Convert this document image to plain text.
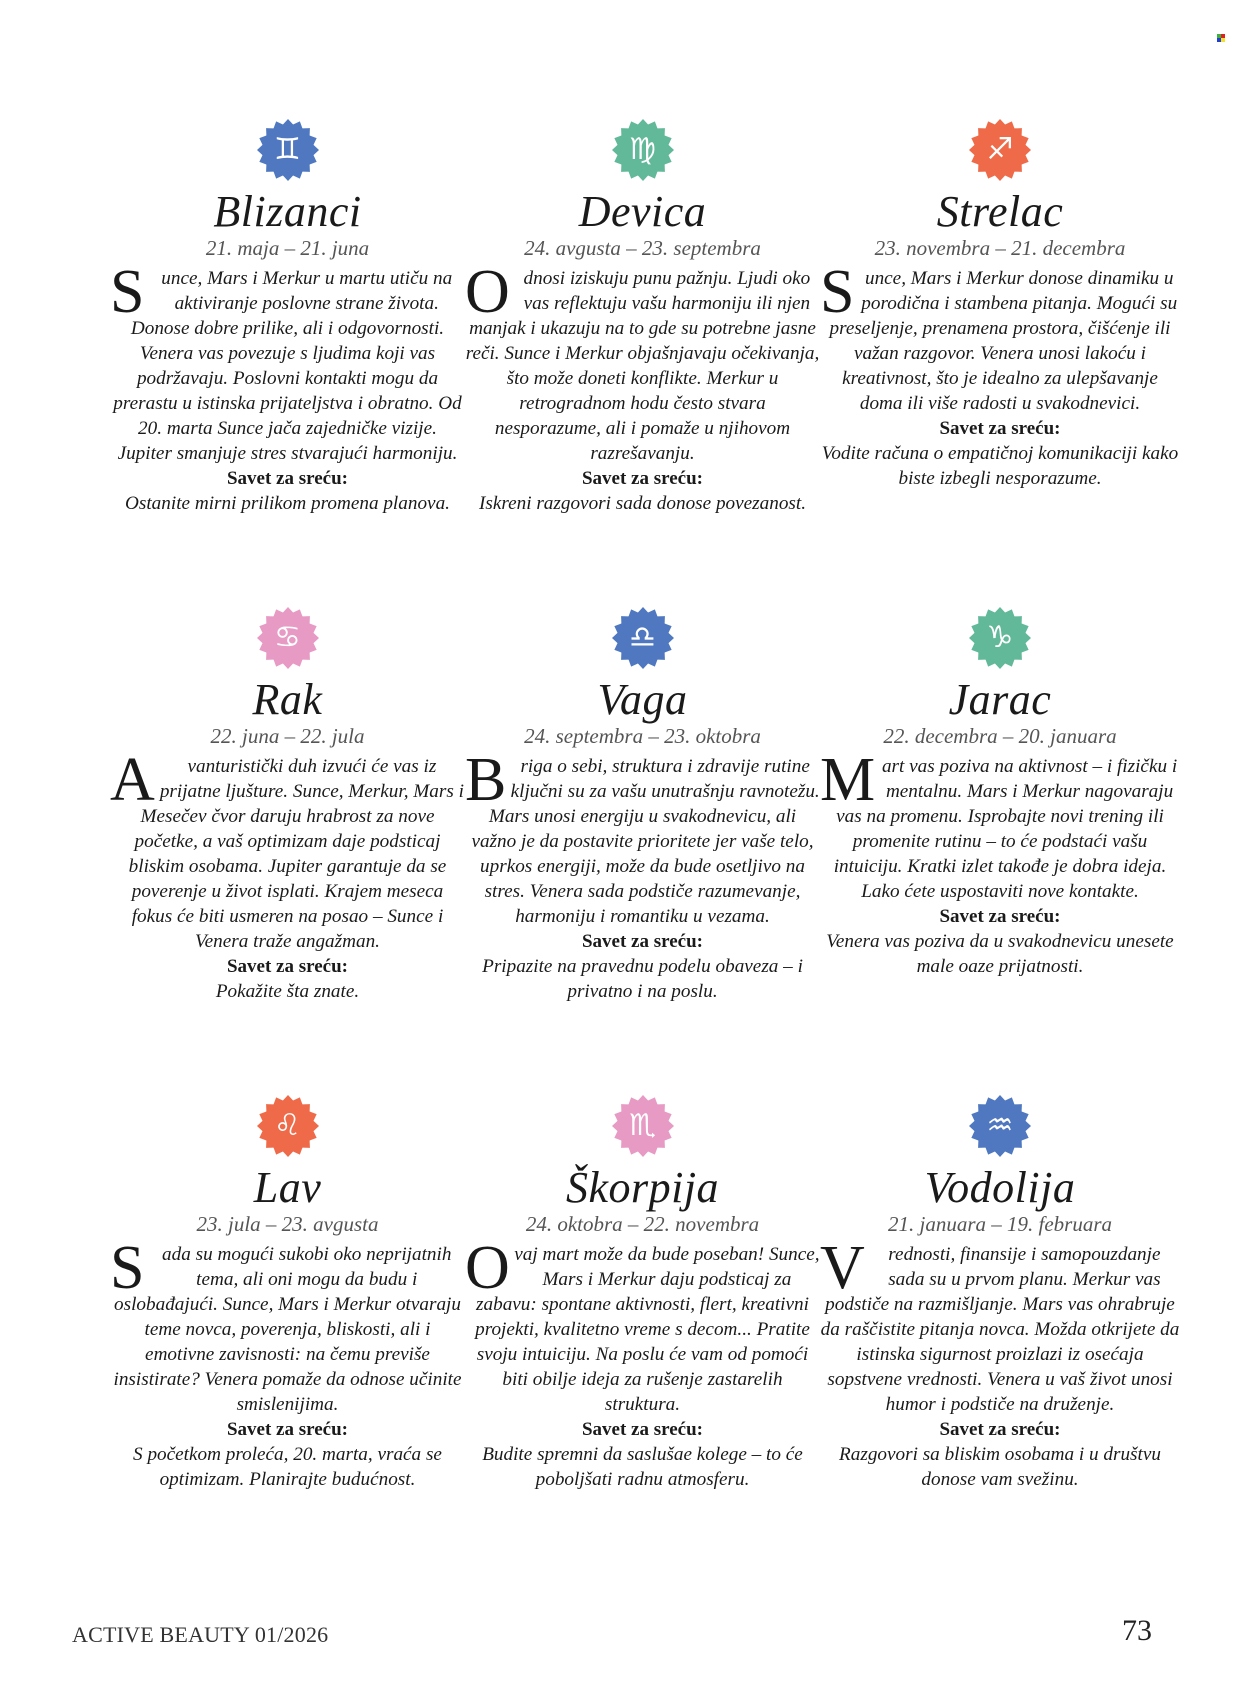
Blizanci
21. maja – 21. juna
Sunce, Mars i Merkur u martu utiču na aktiviranje poslovne strane života. Donose dobre prilike, ali i odgovornosti. Venera vas povezuje s ljudima koji vas podržavaju. Poslovni kontakti mogu da prerastu u istinska prijateljstva i obratno. Od 20. marta Sunce jača zajedničke vizije. Jupiter smanjuje stres stvarajući harmoniju.
Savet za sreću:
Ostanite mirni prilikom promena planova.
Devica
24. avgusta – 23. septembra
Odnosi iziskuju punu pažnju. Ljudi oko vas reflektuju vašu harmoniju ili njen manjak i ukazuju na to gde su potrebne jasne reči. Sunce i Merkur objašnjavaju očekivanja, što može doneti konflikte. Merkur u retrogradnom hodu često stvara nesporazume, ali i pomaže u njihovom razrešavanju.
Savet za sreću:
Iskreni razgovori sada donose povezanost.
Strelac
23. novembra – 21. decembra
Sunce, Mars i Merkur donose dinamiku u porodična i stambena pitanja. Mogući su preseljenje, prenamena prostora, čišćenje ili važan razgovor. Venera unosi lakoću i kreativnost, što je idealno za ulepšavanje doma ili više radosti u svakodnevici.
Savet za sreću:
Vodite računa o empatičnoj komunikaciji kako biste izbegli nesporazume.
Rak
22. juna – 22. jula
A vanturistički duh izvući će vas iz prijatne ljušture. Sunce, Merkur, Mars i Mesečev čvor daruju hrabrost za nove početke, a vaš optimizam daje podsticaj bliskim osobama. Jupiter garantuje da se poverenje u život isplati. Krajem meseca fokus će biti usmeren na posao – Sunce i Venera traže angažman.
Savet za sreću:
Pokažite šta znate.
Vaga
24. septembra – 23. oktobra
Briga o sebi, struktura i zdravije rutine ključni su za vašu unutrašnju ravnotežu. Mars unosi energiju u svakodnevicu, ali važno je da postavite prioritete jer vaše telo, uprkos energiji, može da bude osetljivo na stres. Venera sada podstiče razumevanje, harmoniju i romantiku u vezama.
Savet za sreću:
Pripazite na pravednu podelu obaveza – i privatno i na poslu.
Jarac
22. decembra – 20. januara
Mart vas poziva na aktivnost – i fizičku i mentalnu. Mars i Merkur nagovaraju vas na promenu. Isprobajte novi trening ili promenite rutinu – to će podstaći vašu intuiciju. Kratki izlet takođe je dobra ideja. Lako ćete uspostaviti nove kontakte.
Savet za sreću:
Venera vas poziva da u svakodnevicu unesete male oaze prijatnosti.
Lav
23. jula – 23. avgusta
Sada su mogući sukobi oko neprijatnih tema, ali oni mogu da budu i oslobađajući. Sunce, Mars i Merkur otvaraju teme novca, poverenja, bliskosti, ali i emotivne zavisnosti: na čemu previše insistirate? Venera pomaže da odnose učinite smislenijima.
Savet za sreću:
S početkom proleća, 20. marta, vraća se optimizam. Planirajte budućnost.
Škorpija
24. oktobra – 22. novembra
Ovaj mart može da bude poseban! Sunce, Mars i Merkur daju podsticaj za zabavu: spontane aktivnosti, flert, kreativni projekti, kvalitetno vreme s decom... Pratite svoju intuiciju. Na poslu će vam od pomoći biti obilje ideja za rušenje zastarelih struktura.
Savet za sreću:
Budite spremni da saslušae kolege – to će poboljšati radnu atmosferu.
Vodolija
21. januara – 19. februara
V rednosti, finansije i samopouzdanje sada su u prvom planu. Merkur vas podstiče na razmišljanje. Mars vas ohrabruje da raščistite pitanja novca. Možda otkrijete da istinska sigurnost proizlazi iz osećaja sopstvene vrednosti. Venera u vaš život unosi humor i podstiče na druženje.
Savet za sreću:
Razgovori sa bliskim osobama i u društvu donose vam svežinu.
ACTIVE BEAUTY 01/2026	73
